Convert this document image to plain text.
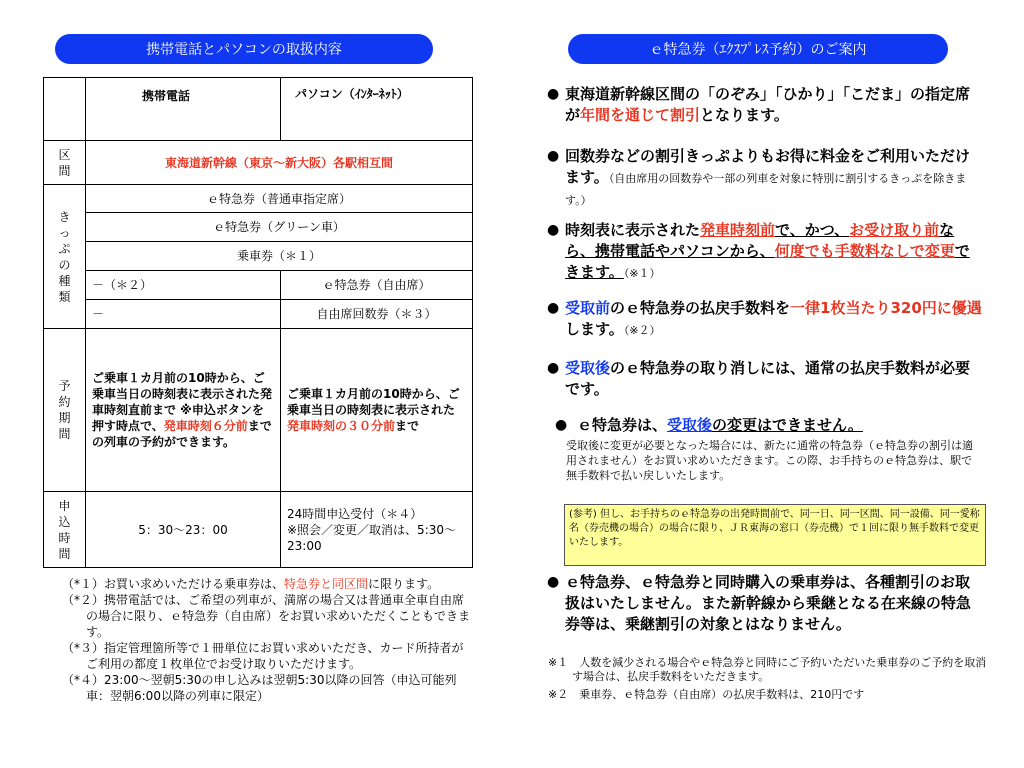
携帯電話とパソコンの取扱内容
	携帯電話	パソコン（ｲﾝﾀｰﾈｯﾄ）
区間	東海道新幹線（東京～新大阪）各駅相互間	
きっぷの種類	ｅ特急券（普通車指定席）	
	ｅ特急券（グリーン車）	
	乗車券（＊１）	
	－（＊２）	ｅ特急券（自由席）
	－	自由席回数券（＊３）
予約期間	ご乗車１カ月前の10時から、ご乗車当日の時刻表に表示された発車時刻直前まで ※申込ボタンを押す時点で、発車時刻６分前までの列車の予約ができます。	ご乗車１カ月前の10時から、ご乗車当日の時刻表に表示された発車時刻の３０分前まで
申込時間	5：30～23：00	24時間申込受付（＊４）
※照会／変更／取消は、5:30～23:00
（*１）お買い求めいただける乗車券は、特急券と同区間に限ります。
（*２）携帯電話では、ご希望の列車が、満席の場合又は普通車全車自由席の場合に限り、ｅ特急券（自由席）をお買い求めいただくこともできます。
（*３）指定管理箇所等で１冊単位にお買い求めいただき、カード所持者がご利用の都度１枚単位でお受け取りいただけます。
（*４）23:00～翌朝5:30の申し込みは翌朝5:30以降の回答（申込可能列車：翌朝6:00以降の列車に限定）
ｅ特急券（ｴｸｽﾌﾟﾚｽ予約）のご案内
● 東海道新幹線区間の「のぞみ」「ひかり」「こだま」の指定席が年間を通じて割引となります。
● 回数券などの割引きっぷよりもお得に料金をご利用いただけます。（自由席用の回数券や一部の列車を対象に特別に割引するきっぷを除きます。）
● 時刻表に表示された発車時刻前で、かつ、お受け取り前なら、携帯電話やパソコンから、何度でも手数料なしで変更できます。（※１）
● 受取前のｅ特急券の払戻手数料を一律1枚当たり320円に優遇します。（※２）
● 受取後のｅ特急券の取り消しには、通常の払戻手数料が必要です。
● ｅ特急券は、受取後の変更はできません。
受取後に変更が必要となった場合には、新たに通常の特急券（ｅ特急券の割引は適用されません）をお買い求めいただきます。この際、お手持ちのｅ特急券は、駅で無手数料で払い戻しいたします。
(参考) 但し、お手持ちのｅ特急券の出発時間前で、同一日、同一区間、同一設備、同一愛称名（券売機の場合）の場合に限り、ＪＲ東海の窓口（券売機）で１回に限り無手数料で変更いたします。
● ｅ特急券、ｅ特急券と同時購入の乗車券は、各種割引のお取扱はいたしません。また新幹線から乗継となる在来線の特急券等は、乗継割引の対象とはなりません。
※１　人数を減少される場合やｅ特急券と同時にご予約いただいた乗車券のご予約を取消す場合は、払戻手数料をいただきます。
※２　乗車券、ｅ特急券（自由席）の払戻手数料は、210円です
